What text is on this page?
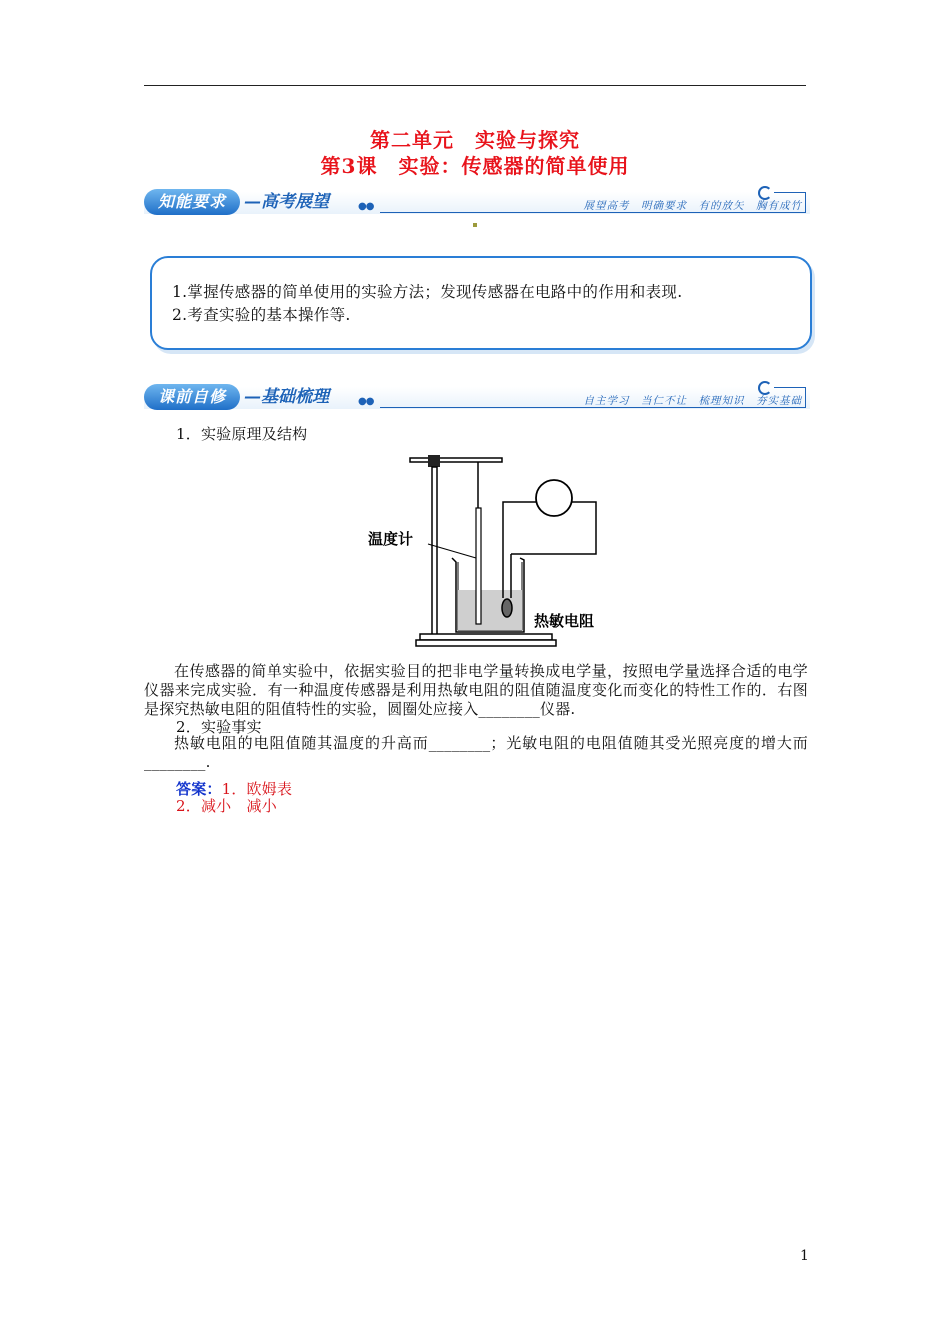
第二单元　实验与探究
第3课　实验：传感器的简单使用
知能要求	—高考展望	●●	展望高考　明确要求　有的放矢　胸有成竹

1.掌握传感器的简单使用的实验方法；发现传感器在电路中的作用和表现.

2.考查实验的基本操作等.

课前自修	—基础梳理	●●	自主学习　当仁不让　梳理知识　夯实基础
1．实验原理及结构
温度计
热敏电阻
在传感器的简单实验中，依据实验目的把非电学量转换成电学量，按照电学量选择合适的电学仪器来完成实验．有一种温度传感器是利用热敏电阻的阻值随温度变化而变化的特性工作的．右图是探究热敏电阻的阻值特性的实验，圆圈处应接入________仪器.
2．实验事实
热敏电阻的电阻值随其温度的升高而________；光敏电阻的电阻值随其受光照亮度的增大而________.
答案：1．欧姆表
2．减小　减小
1
